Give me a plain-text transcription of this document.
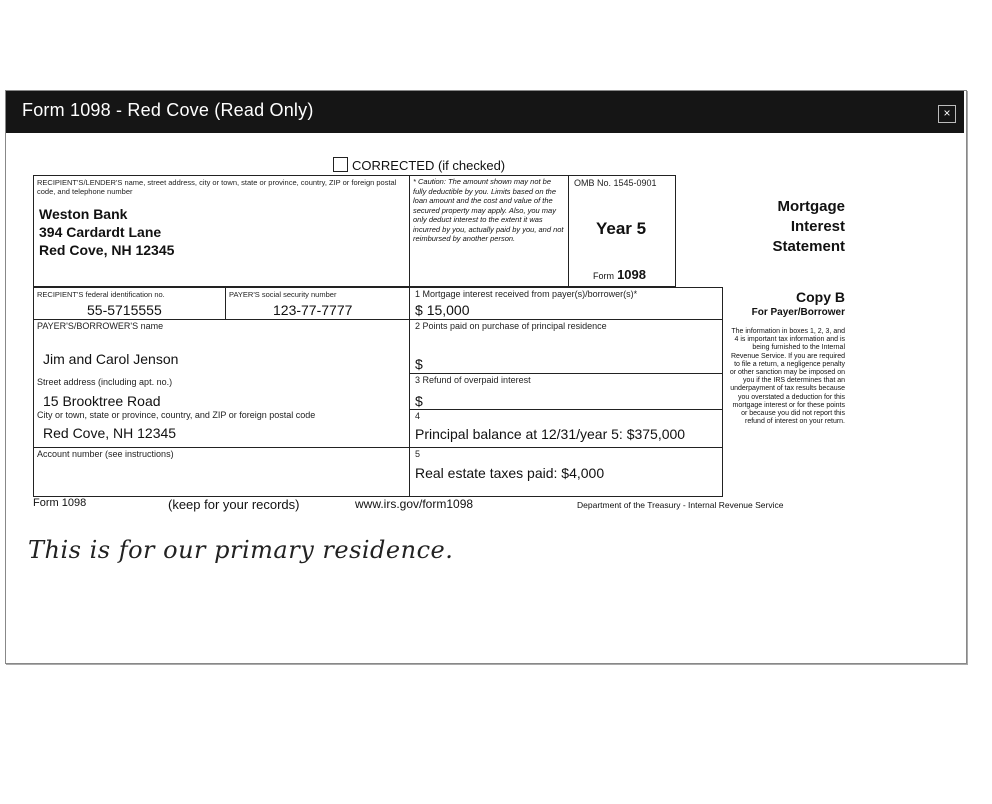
Form 1098 - Red Cove (Read Only)	×
CORRECTED (if checked)
RECIPIENT'S/LENDER'S name, street address, city or town, state or province, country, ZIP or foreign postal code, and telephone number
Weston Bank
394 Cardardt Lane
Red Cove, NH 12345
* Caution: The amount shown may not be fully deductible by you. Limits based on the loan amount and the cost and value of the secured property may apply. Also, you may only deduct interest to the extent it was incurred by you, actually paid by you, and not reimbursed by another person.
OMB No. 1545-0901
Year 5
Form 1098
Mortgage
Interest
Statement
RECIPIENT'S federal identification no.
55-5715555
PAYER'S social security number
123-77-7777
1 Mortgage interest received from payer(s)/borrower(s)*
$ 15,000
Copy B
For Payer/Borrower
The information in boxes 1, 2, 3, and 4 is important tax information and is being furnished to the Internal Revenue Service. If you are required to file a return, a negligence penalty or other sanction may be imposed on you if the IRS determines that an underpayment of tax results because you overstated a deduction for this mortgage interest or for these points or because you did not report this refund of interest on your return.
PAYER'S/BORROWER'S name
Jim and Carol Jenson
2 Points paid on purchase of principal residence
$
Street address (including apt. no.)
15 Brooktree Road
3 Refund of overpaid interest
$
City or town, state or province, country, and ZIP or foreign postal code
Red Cove, NH 12345
4
Principal balance at 12/31/year 5: $375,000
Account number (see instructions)	5
Real estate taxes paid: $4,000
Form 1098	(keep for your records)	www.irs.gov/form1098	Department of the Treasury - Internal Revenue Service
This is for our primary residence.
